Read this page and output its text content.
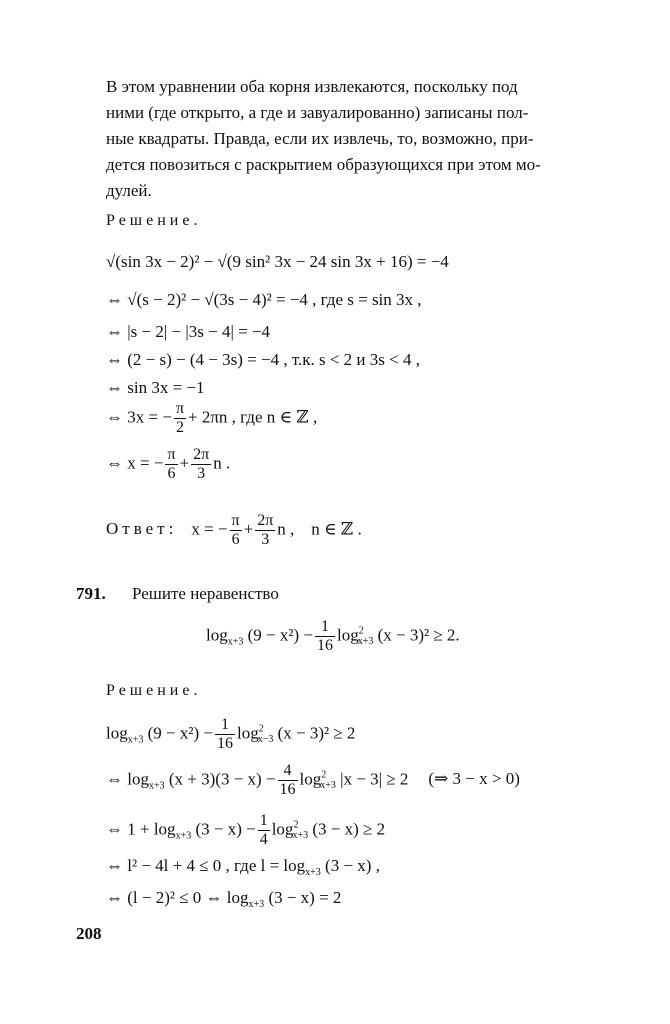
В этом уравнении оба корня извлекаются, поскольку под
ними (где открыто, а где и завуалированно) записаны пол-
ные квадраты. Правда, если их извлечь, то, возможно, при-
дется повозиться с раскрытием образующихся при этом мо-
дулей.
Решение.
√(sin 3x − 2)² − √(9 sin² 3x − 24 sin 3x + 16) = −4
⇔ √(s − 2)² − √(3s − 4)² = −4 , где s = sin 3x ,
⇔ |s − 2| − |3s − 4| = −4
⇔ (2 − s) − (4 − 3s) = −4 , т.к. s < 2 и 3s < 4 ,
⇔ sin 3x = −1
⇔ 3x = − $\frac{\pi}{2} + 2\pi n$ , где n ∈ ℤ ,
⇔ x = − $\frac{\pi}{6} + \frac{2\pi}{3}$ n .
Ответ: x = − $\frac{\pi}{6} + \frac{2\pi}{3}$ n ,    n ∈ ℤ .
791. Решите неравенство
$\log_{x+3} (9 - x^2) - \frac{1}{16} \log^2_{x+3} (x - 3)^2 \ge 2$.
Решение.
$\log_{x+3} (9 - x^2) - \frac{1}{16} \log^2_{x-3} (x - 3)^2 \ge 2$
⇔ $\log_{x+3} (x + 3)(3 - x) - \frac{4}{16} \log^2_{x+3} |x - 3| \ge 2$ (⇒ 3 − x > 0)
⇔ $1 + \log_{x+3} (3 - x) - \frac{1}{4} \log^2_{x+3} (3 - x) \ge 2$
⇔ l² − 4l + 4 ≤ 0 , где $l = \log_{x+3} (3 - x)$ ,
⇔ (l − 2)² ≤ 0 ⇔ $\log_{x+3} (3 - x) = 2$
208
